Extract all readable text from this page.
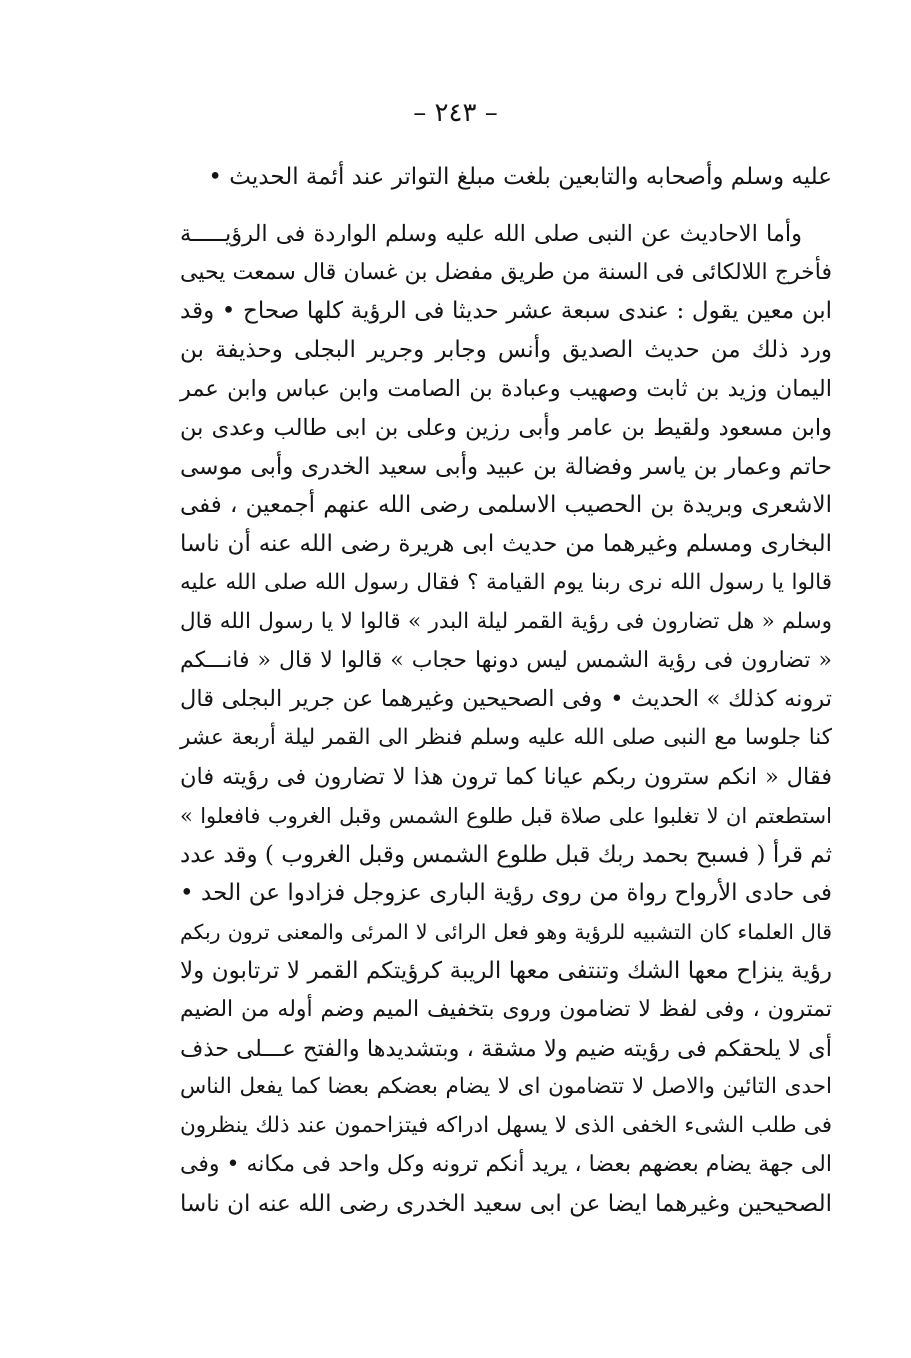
– ٢٤٣ –
عليه وسلم وأصحابه والتابعين بلغت مبلغ التواتر عند أئمة الحديث •
وأما الاحاديث عن النبى صلى الله عليه وسلم الواردة فى الرؤيـــــة
فأخرج اللالكائى فى السنة من طريق مفضل بن غسان قال سمعت يحيى
ابن معين يقول : عندى سبعة عشر حديثا فى الرؤية كلها صحاح • وقد
ورد ذلك من حديث الصديق وأنس وجابر وجرير البجلى وحذيفة بن
اليمان وزيد بن ثابت وصهيب وعبادة بن الصامت وابن عباس وابن عمر
وابن مسعود ولقيط بن عامر وأبى رزين وعلى بن ابى طالب وعدى بن
حاتم وعمار بن ياسر وفضالة بن عبيد وأبى سعيد الخدرى وأبى موسى
الاشعرى وبريدة بن الحصيب الاسلمى رضى الله عنهم أجمعين ، ففى
البخارى ومسلم وغيرهما من حديث ابى هريرة رضى الله عنه أن ناسا
قالوا يا رسول الله نرى ربنا يوم القيامة ؟ فقال رسول الله صلى الله عليه
وسلم « هل تضارون فى رؤية القمر ليلة البدر » قالوا لا يا رسول الله قال
« تضارون فى رؤية الشمس ليس دونها حجاب » قالوا لا قال « فانـــكم
ترونه كذلك » الحديث • وفى الصحيحين وغيرهما عن جرير البجلى قال
كنا جلوسا مع النبى صلى الله عليه وسلم فنظر الى القمر ليلة أربعة عشر
فقال « انكم سترون ربكم عيانا كما ترون هذا لا تضارون فى رؤيته فان
استطعتم ان لا تغلبوا على صلاة قبل طلوع الشمس وقبل الغروب فافعلوا »
ثم قرأ ( فسبح بحمد ربك قبل طلوع الشمس وقبل الغروب ) وقد عدد
فى حادى الأرواح رواة من روى رؤية البارى عزوجل فزادوا عن الحد •
قال العلماء كان التشبيه للرؤية وهو فعل الرائى لا المرئى والمعنى ترون ربكم
رؤية ينزاح معها الشك وتنتفى معها الريبة كرؤيتكم القمر لا ترتابون ولا
تمترون ، وفى لفظ لا تضامون وروى بتخفيف الميم وضم أوله من الضيم
أى لا يلحقكم فى رؤيته ضيم ولا مشقة ، وبتشديدها والفتح عـــلى حذف
احدى التائين والاصل لا تتضامون اى لا يضام بعضكم بعضا كما يفعل الناس
فى طلب الشىء الخفى الذى لا يسهل ادراكه فيتزاحمون عند ذلك ينظرون
الى جهة يضام بعضهم بعضا ، يريد أنكم ترونه وكل واحد فى مكانه • وفى
الصحيحين وغيرهما ايضا عن ابى سعيد الخدرى رضى الله عنه ان ناسا
